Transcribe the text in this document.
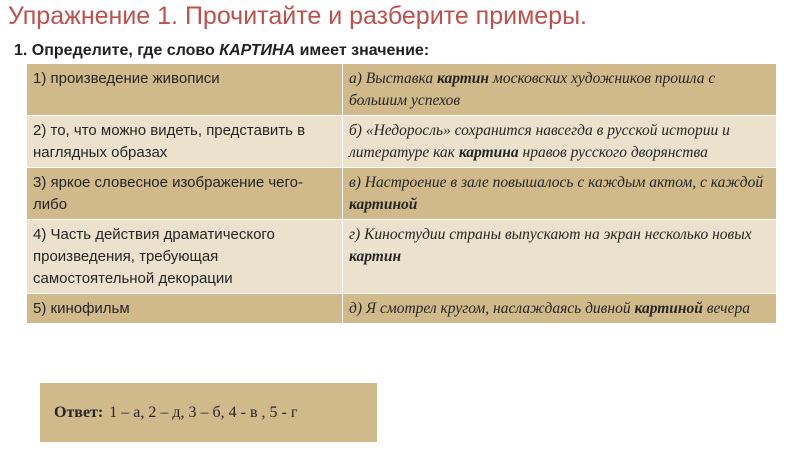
Упражнение 1. Прочитайте и разберите примеры.
1. Определите, где слово КАРТИНА имеет значение:
1) произведение живописи	а) Выставка картин московских художников прошла с большим успехов
2) то, что можно видеть, представить в наглядных образах	б) «Недоросль» сохранится навсегда в русской истории и литературе как картина нравов русского дворянства
3) яркое словесное изображение чего-либо	в) Настроение в зале повышалось с каждым актом, с каждой картиной
4) Часть действия драматического произведения, требующая самостоятельной декорации	г) Киностудии страны выпускают на экран несколько новых картин
5) кинофильм	д) Я смотрел кругом, наслаждаясь дивной картиной вечера
Ответ: 1 – а, 2 – д, 3 – б, 4 - в , 5 - г
